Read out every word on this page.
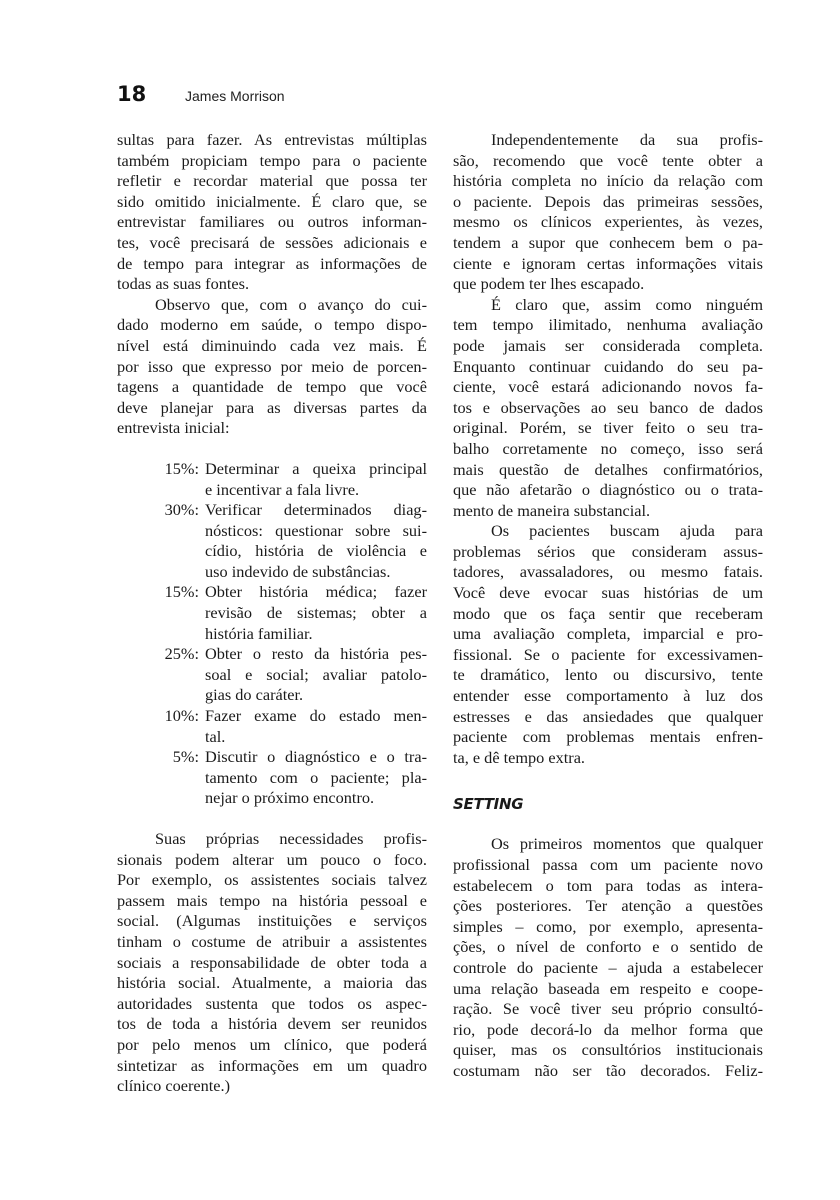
18	James Morrison
sultas para fazer. As entrevistas múltiplas
também propiciam tempo para o paciente
refletir e recordar material que possa ter
sido omitido inicialmente. É claro que, se
entrevistar familiares ou outros informan-
tes, você precisará de sessões adicionais e
de tempo para integrar as informações de
todas as suas fontes.
Observo que, com o avanço do cui-
dado moderno em saúde, o tempo dispo-
nível está diminuindo cada vez mais. É
por isso que expresso por meio de porcen-
tagens a quantidade de tempo que você
deve planejar para as diversas partes da
entrevista inicial:
15%: Determinar a queixa principal
e incentivar a fala livre.
30%: Verificar determinados diag-
nósticos: questionar sobre sui-
cídio, história de violência e
uso indevido de substâncias.
15%: Obter história médica; fazer
revisão de sistemas; obter a
história familiar.
25%: Obter o resto da história pes-
soal e social; avaliar patolo-
gias do caráter.
10%: Fazer exame do estado men-
tal.
5%: Discutir o diagnóstico e o tra-
tamento com o paciente; pla-
nejar o próximo encontro.
Suas próprias necessidades profis-
sionais podem alterar um pouco o foco.
Por exemplo, os assistentes sociais talvez
passem mais tempo na história pessoal e
social. (Algumas instituições e serviços
tinham o costume de atribuir a assistentes
sociais a responsabilidade de obter toda a
história social. Atualmente, a maioria das
autoridades sustenta que todos os aspec-
tos de toda a história devem ser reunidos
por pelo menos um clínico, que poderá
sintetizar as informações em um quadro
clínico coerente.)
Independentemente da sua profis-
são, recomendo que você tente obter a
história completa no início da relação com
o paciente. Depois das primeiras sessões,
mesmo os clínicos experientes, às vezes,
tendem a supor que conhecem bem o pa-
ciente e ignoram certas informações vitais
que podem ter lhes escapado.
É claro que, assim como ninguém
tem tempo ilimitado, nenhuma avaliação
pode jamais ser considerada completa.
Enquanto continuar cuidando do seu pa-
ciente, você estará adicionando novos fa-
tos e observações ao seu banco de dados
original. Porém, se tiver feito o seu tra-
balho corretamente no começo, isso será
mais questão de detalhes confirmatórios,
que não afetarão o diagnóstico ou o trata-
mento de maneira substancial.
Os pacientes buscam ajuda para
problemas sérios que consideram assus-
tadores, avassaladores, ou mesmo fatais.
Você deve evocar suas histórias de um
modo que os faça sentir que receberam
uma avaliação completa, imparcial e pro-
fissional. Se o paciente for excessivamen-
te dramático, lento ou discursivo, tente
entender esse comportamento à luz dos
estresses e das ansiedades que qualquer
paciente com problemas mentais enfren-
ta, e dê tempo extra.
SETTING
Os primeiros momentos que qualquer
profissional passa com um paciente novo
estabelecem o tom para todas as intera-
ções posteriores. Ter atenção a questões
simples – como, por exemplo, apresenta-
ções, o nível de conforto e o sentido de
controle do paciente – ajuda a estabelecer
uma relação baseada em respeito e coope-
ração. Se você tiver seu próprio consultó-
rio, pode decorá-lo da melhor forma que
quiser, mas os consultórios institucionais
costumam não ser tão decorados. Feliz-
